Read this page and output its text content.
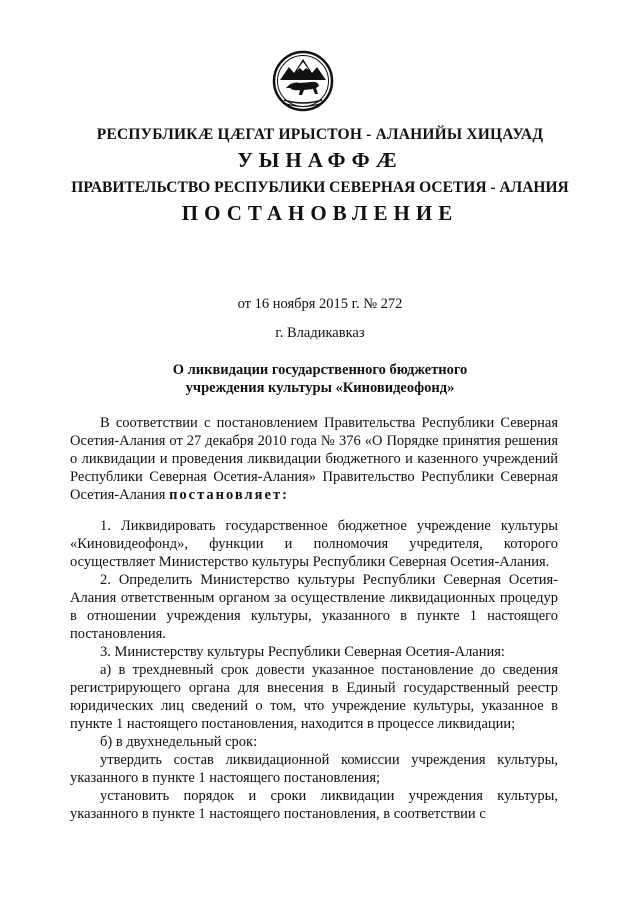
РЕСПУБЛИКӔ ЦӔГАТ ИРЫСТОН - АЛАНИЙЫ ХИЦАУАД
УЫНАФФӔ
ПРАВИТЕЛЬСТВО РЕСПУБЛИКИ СЕВЕРНАЯ ОСЕТИЯ - АЛАНИЯ
ПОСТАНОВЛЕНИЕ
от 16 ноября 2015 г. № 272
г. Владикавказ
О ликвидации государственного бюджетного
учреждения культуры «Киновидеофонд»

В соответствии с постановлением Правительства Республики Северная Осетия-Алания от 27 декабря 2010 года № 376 «О Порядке принятия решения о ликвидации и проведения ликвидации бюджетного и казенного учреждений Республики Северная Осетия-Алания» Правительство Республики Северная Осетия-Алания постановляет:

1. Ликвидировать государственное бюджетное учреждение культуры «Киновидеофонд», функции и полномочия учредителя, которого осуществляет Министерство культуры Республики Северная Осетия-Алания.

2. Определить Министерство культуры Республики Северная Осетия-Алания ответственным органом за осуществление ликвидационных процедур в отношении учреждения культуры, указанного в пункте 1 настоящего постановления.

3. Министерству культуры Республики Северная Осетия-Алания:

а) в трехдневный срок довести указанное постановление до сведения регистрирующего органа для внесения в Единый государственный реестр юридических лиц сведений о том, что учреждение культуры, указанное в пункте 1 настоящего постановления, находится в процессе ликвидации;

б) в двухнедельный срок:

утвердить состав ликвидационной комиссии учреждения культуры, указанного в пункте 1 настоящего постановления;

установить порядок и сроки ликвидации учреждения культуры, указанного в пункте 1 настоящего постановления, в соответствии с
